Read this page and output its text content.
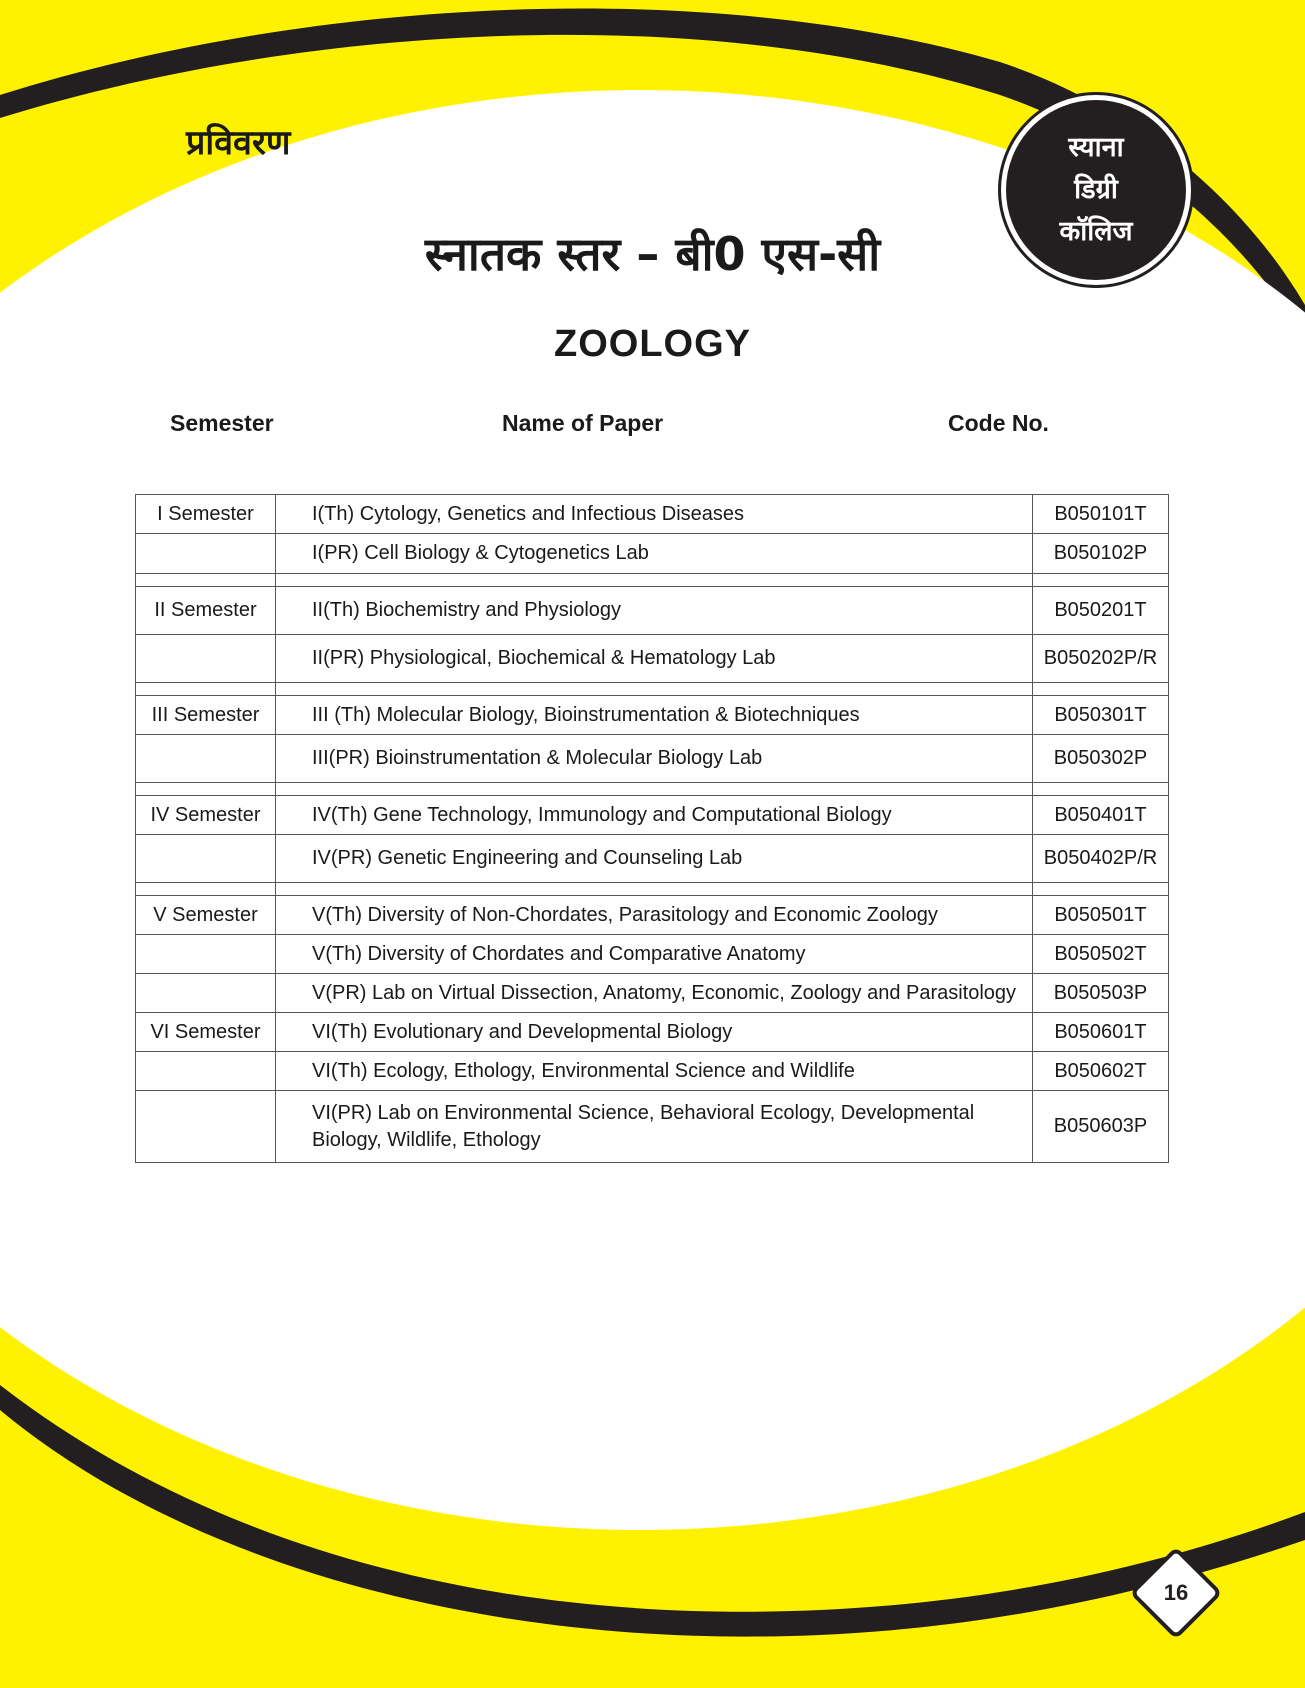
प्रविवरण	स्याना
डिग्री
कॉलिज
स्नातक स्तर – बी0 एस-सी
ZOOLOGY
Semester	Name of Paper	Code No.
I Semester	I(Th) Cytology, Genetics and Infectious Diseases	B050101T
	I(PR) Cell Biology & Cytogenetics Lab	B050102P

II Semester	II(Th) Biochemistry and Physiology	B050201T
	II(PR) Physiological, Biochemical & Hematology Lab	B050202P/R

III Semester	III (Th) Molecular Biology, Bioinstrumentation & Biotechniques	B050301T
	III(PR) Bioinstrumentation & Molecular Biology Lab	B050302P

IV Semester	IV(Th) Gene Technology, Immunology and Computational Biology	B050401T
	IV(PR) Genetic Engineering and Counseling Lab	B050402P/R

V Semester	V(Th) Diversity of Non-Chordates, Parasitology and Economic Zoology	B050501T
	V(Th) Diversity of Chordates and Comparative Anatomy	B050502T
	V(PR) Lab on Virtual Dissection, Anatomy, Economic, Zoology and Parasitology	B050503P
VI Semester	VI(Th) Evolutionary and Developmental Biology	B050601T
	VI(Th) Ecology, Ethology, Environmental Science and Wildlife	B050602T
	VI(PR) Lab on Environmental Science, Behavioral Ecology, Developmental Biology, Wildlife, Ethology	B050603P
16
